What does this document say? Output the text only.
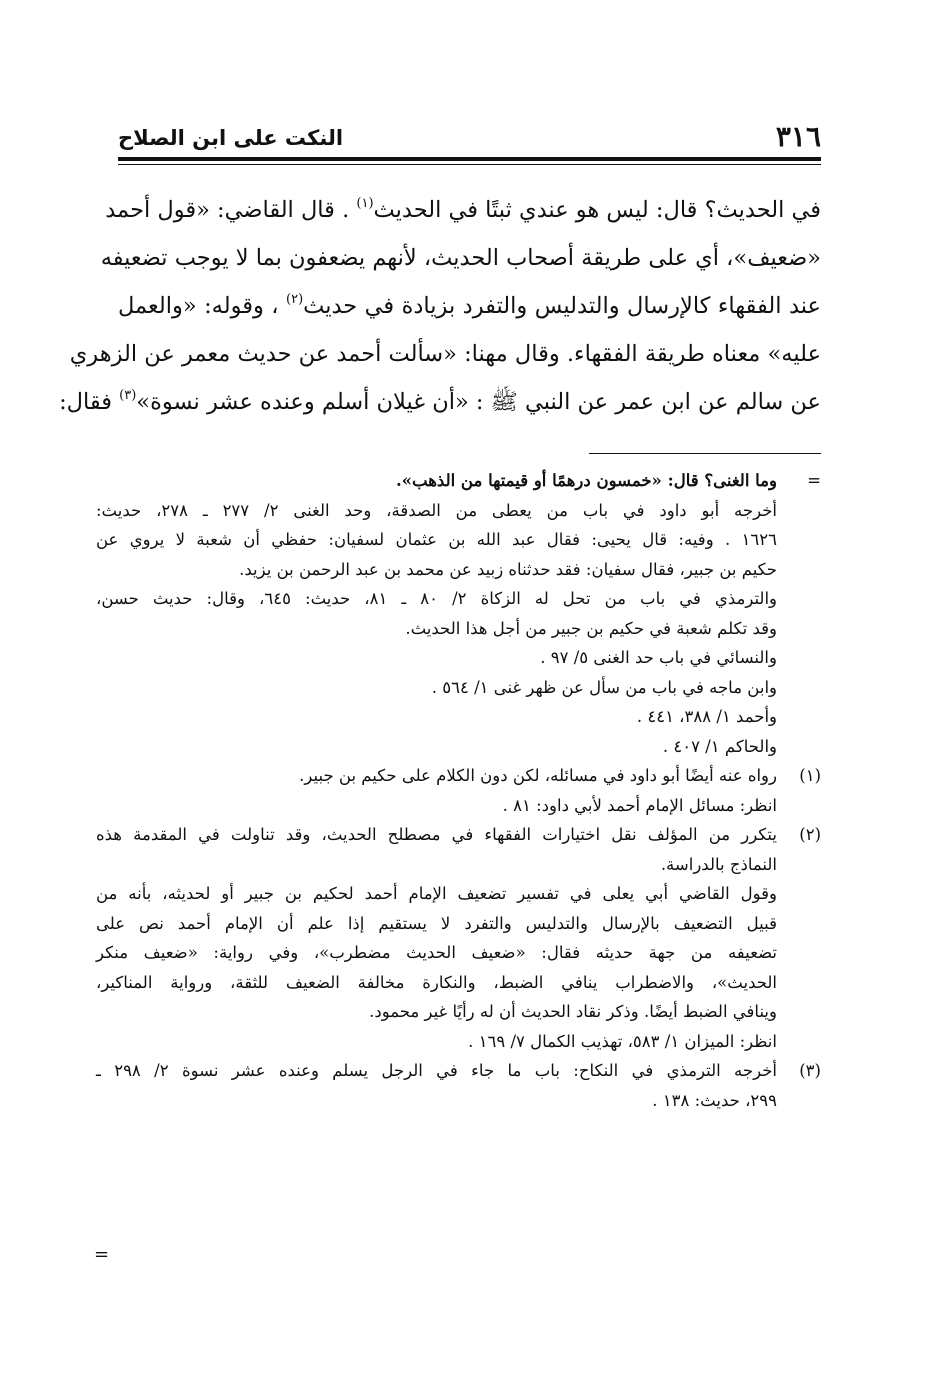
٣١٦
النكت على ابن الصلاح
في الحديث؟ قال: ليس هو عندي ثبتًا في الحديث$^{(١)}$ . قال القاضي: «قول أحمد
«ضعيف»، أي على طريقة أصحاب الحديث، لأنهم يضعفون بما لا يوجب تضعيفه
عند الفقهاء كالإرسال والتدليس والتفرد بزيادة في حديث$^{(٢)}$ ، وقوله: «والعمل
عليه» معناه طريقة الفقهاء. وقال مهنا: «سألت أحمد عن حديث معمر عن الزهري
عن سالم عن ابن عمر عن النبي ﷺ : «أن غيلان أسلم وعنده عشر نسوة»$^{(٣)}$ فقال:
=وما الغنى؟ قال: «خمسون درهمًا أو قيمتها من الذهب».
أخرجه أبو داود في باب من يعطى من الصدقة، وحد الغنى ٢/ ٢٧٧ ـ ٢٧٨، حديث:
١٦٢٦ . وفيه: قال يحيى: فقال عبد الله بن عثمان لسفيان: حفظي أن شعبة لا يروي عن
حكيم بن جبير، فقال سفيان: فقد حدثناه زبيد عن محمد بن عبد الرحمن بن يزيد.
والترمذي في باب من تحل له الزكاة ٢/ ٨٠ ـ ٨١، حديث: ٦٤٥، وقال: حديث حسن،
وقد تكلم شعبة في حكيم بن جبير من أجل هذا الحديث.
والنسائي في باب حد الغنى ٥/ ٩٧ .
وابن ماجه في باب من سأل عن ظهر غنى ١/ ٥٦٤ .
وأحمد ١/ ٣٨٨، ٤٤١ .
والحاكم ١/ ٤٠٧ .
(١)رواه عنه أيضًا أبو داود في مسائله، لكن دون الكلام على حكيم بن جبير.
انظر: مسائل الإمام أحمد لأبي داود: ٨١ .
(٢)يتكرر من المؤلف نقل اختيارات الفقهاء في مصطلح الحديث، وقد تناولت في المقدمة هذه
النماذج بالدراسة.
وقول القاضي أبي يعلى في تفسير تضعيف الإمام أحمد لحكيم بن جبير أو لحديثه، بأنه من
قبيل التضعيف بالإرسال والتدليس والتفرد لا يستقيم إذا علم أن الإمام أحمد نص على
تضعيفه من جهة حديثه فقال: «ضعيف الحديث مضطرب»، وفي رواية: «ضعيف منكر
الحديث»، والاضطراب ينافي الضبط، والنكارة مخالفة الضعيف للثقة، ورواية المناكير،
وينافي الضبط أيضًا. وذكر نقاد الحديث أن له رأيًا غير محمود.
انظر: الميزان ١/ ٥٨٣، تهذيب الكمال ٧/ ١٦٩ .
(٣)أخرجه الترمذي في النكاح: باب ما جاء في الرجل يسلم وعنده عشر نسوة ٢/ ٢٩٨ ـ
٢٩٩، حديث: ١٣٨ .
=
